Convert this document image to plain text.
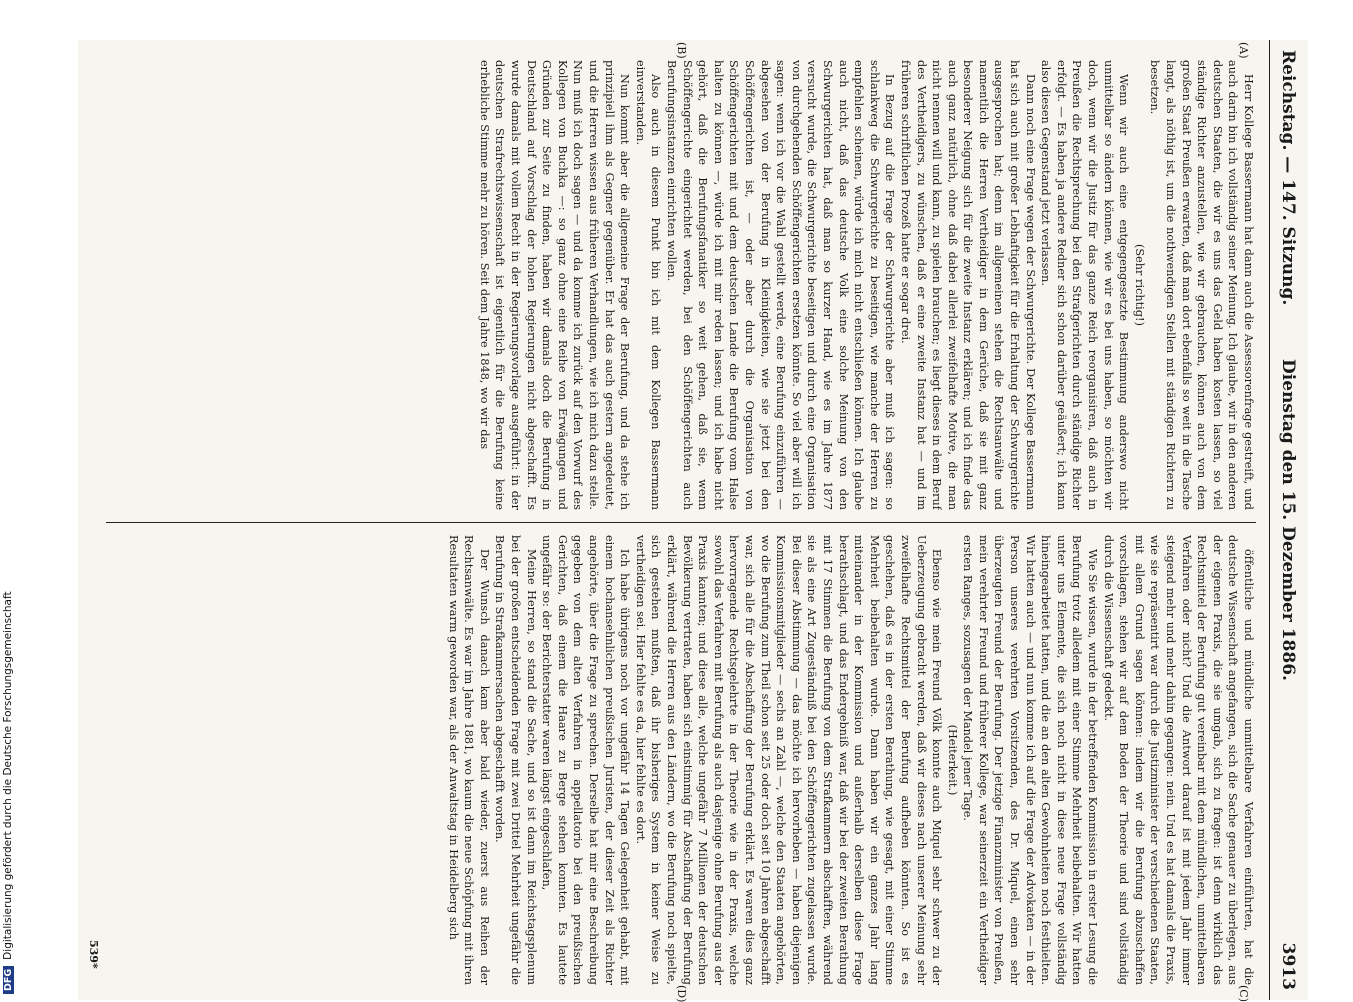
Reichstag. — 147. Sitzung.
Dienstag den 15. Dezember 1886.
3913
(A)
(B)
(C)
(D)

Herr Kollege Bassermann hat dann auch die Assessorenfrage gestreift, und auch darin bin ich vollständig seiner Meinung. Ich glaube, wir in den anderen deutschen Staaten, die wir es uns das Geld haben kosten lassen, so viel ständige Richter anzustellen, wie wir gebrauchen, können auch von dem großen Staat Preußen erwarten, daß man dort ebenfalls so weit in die Tasche langt, als nöthig ist, um die nothwendigen Stellen mit ständigen Richtern zu besetzen.

(Sehr richtig!)

Wenn wir auch eine entgegengesetzte Bestimmung anderswo nicht unmittelbar so ändern können, wie wir es bei uns haben, so möchten wir doch, wenn wir die Justiz für das ganze Reich reorganisiren, daß auch in Preußen die Rechtsprechung bei den Strafgerichten durch ständige Richter erfolgt. — Es haben ja andere Redner sich schon darüber geäußert; ich kann also diesen Gegenstand jetzt verlassen.

Dann noch eine Frage wegen der Schwurgerichte. Der Kollege Bassermann hat sich auch mit großer Lebhaftigkeit für die Erhaltung der Schwurgerichte ausgesprochen hat; denn im allgemeinen stehen die Rechtsanwälte und namentlich die Herren Vertheidiger in dem Gerüche, daß sie mit ganz besonderer Neigung sich für die zweite Instanz erklären; und ich finde das auch ganz natürlich, ohne daß dabei allerlei zweifelhafte Motive, die man nicht nennen will und kann, zu spielen brauchen; es liegt dieses in dem Beruf des Vertheidigers, zu wünschen, daß er eine zweite Instanz hat — und im früheren schriftlichen Prozeß hatte er sogar drei.

In Bezug auf die Frage der Schwurgerichte aber muß ich sagen: so schlankweg die Schwurgerichte zu beseitigen, wie manche der Herren zu empfehlen scheinen, würde ich mich nicht entschließen können. Ich glaube auch nicht, daß das deutsche Volk eine solche Meinung von den Schwurgerichten hat, daß man so kurzer Hand, wie es im Jahre 1877 versucht wurde, die Schwurgerichte beseitigen und durch eine Organisation von durchgehenden Schöffengerichten ersetzen könnte. So viel aber will ich sagen: wenn ich vor die Wahl gestellt werde, eine Berufung einzuführen — abgesehen von der Berufung in Kleinigkeiten, wie sie jetzt bei den Schöffengerichten ist, — oder aber durch die Organisation von Schöffengerichten mit und dem deutschen Lande die Berufung vom Halse halten zu können —, würde ich mit mir reden lassen; und ich habe nicht gehört, daß die Berufungsfanatiker so weit gehen, daß sie, wenn Schöffengerichte eingerichtet werden, bei den Schöffengerichten auch Berufungsinstanzen einrichten wollen.

Also auch in diesem Punkt bin ich mit dem Kollegen Bassermann einverstanden.

Nun kommt aber die allgemeine Frage der Berufung, und da stehe ich prinzipiell ihm als Gegner gegenüber. Er hat das auch gestern angedeutet, und die Herren wissen aus früheren Verhandlungen, wie ich mich dazu stelle. Nun muß ich doch sagen — und da komme ich zurück auf den Vorwurf des Kollegen von Buchka —: so ganz ohne eine Reihe von Erwägungen und Gründen zur Seite zu finden, haben wir damals doch die Berufung in Deutschland auf Vorschlag der hohen Regierungen nicht abgeschafft. Es wurde damals mit vollem Recht in der Regierungsvorlage ausgeführt: in der deutschen Strafrechtswissenschaft ist eigentlich für die Berufung keine erhebliche Stimme mehr zu hören. Seit dem Jahre 1848, wo wir das

öffentliche und mündliche unmittelbare Verfahren einführten, hat die deutsche Wissenschaft angefangen, sich die Sache genauer zu überlegen, aus der eigenen Praxis, die sie umgab, sich zu fragen: ist denn wirklich das Rechtsmittel der Berufung gut vereinbar mit dem mündlichen, unmittelbaren Verfahren oder nicht? Und die Antwort darauf ist mit jedem Jahr immer steigend mehr und mehr dahin gegangen: nein. Und es hat damals die Praxis, wie sie repräsentirt war durch die Justizminister der verschiedenen Staaten, mit allem Grund sagen können: indem wir die Berufung abzuschaffen vorschlagen, stehen wir auf dem Boden der Theorie und sind vollständig durch die Wissenschaft gedeckt.

Wie Sie wissen, wurde in der betreffenden Kommission in erster Lesung die Berufung trotz alledem mit einer Stimme Mehrheit beibehalten. Wir hatten unter uns Elemente, die sich noch nicht in diese neue Frage vollständig hineingearbeitet hatten, und die an den alten Gewohnheiten noch festhielten. Wir hatten auch — und nun komme ich auf die Frage der Advokaten — in der Person unseres verehrten Vorsitzenden, des Dr. Miquel, einen sehr überzeugten Freund der Berufung. Der jetzige Finanzminister von Preußen, mein verehrter Freund und früherer Kollege, war seinerzeit ein Vertheidiger ersten Ranges, sozusagen der Mandel jener Tage.

(Heiterkeit.)

Ebenso wie mein Freund Völk konnte auch Miquel sehr schwer zu der Ueberzeugung gebracht werden, daß wir dieses nach unserer Meinung sehr zweifelhafte Rechtsmittel der Berufung aufheben könnten. So ist es geschehen, daß es in der ersten Berathung, wie gesagt, mit einer Stimme Mehrheit beibehalten wurde. Dann haben wir ein ganzes Jahr lang miteinander in der Kommission und außerhalb derselben diese Frage berathschlagt, und das Endergebniß war, daß wir bei der zweiten Berathung mit 17 Stimmen die Berufung von dem Strafkammern abschafften, während sie als eine Art Zugeständniß bei den Schöffengerichten zugelassen wurde. Bei dieser Abstimmung — das möchte ich hervorheben — haben diejenigen Kommissionsmitglieder — sechs an Zahl —, welche den Staaten angehörten, wo die Berufung zum Theil schon seit 25 oder doch seit 10 Jahren abgeschafft war, sich alle für die Abschaffung der Berufung erklärt. Es waren dies ganz hervorragende Rechtsgelehrte in der Theorie wie in der Praxis, welche sowohl das Verfahren mit Berufung als auch dasjenige ohne Berufung aus der Praxis kannten; und diese alle, welche ungefähr 7 Millionen der deutschen Bevölkerung vertraten, haben sich einstimmig für Abschaffung der Berufung erklärt, während die Herren aus den Ländern, wo die Berufung noch spielte, sich gestehen mußten, daß ihr bisheriges System in keiner Weise zu vertheidigen sei. Hier fehlte es da, hier fehlte es dort.

Ich habe übrigens noch vor ungefähr 14 Tagen Gelegenheit gehabt, mit einem hochansehnlichen preußischen Juristen, der dieser Zeit als Richter angehörte, über die Frage zu sprechen. Derselbe hat mir eine Beschreibung gegeben von dem alten Verfahren in appellatorio bei den preußischen Gerichten, daß einem die Haare zu Berge stehen konnten. Es lautete ungefähr so: der Berichterstatter waren längst eingeschlafen,

Meine Herren, so stand die Sache, und so ist dann im Reichstagsplenum bei der großen entscheidenden Frage mit zwei Drittel Mehrheit ungefähr die Berufung in Strafkammersachen abgeschafft worden.

Der Wunsch danach kam aber bald wieder, zuerst aus Reihen der Rechtsanwälte. Es war im Jahre 1881, wo kaum die neue Schöpfung mit ihren Resultaten warm geworden war, als der Anwaltstag in Heidelberg sich

539*
DFGDigitalisierung gefördert durch die Deutsche Forschungsgemeinschaft
